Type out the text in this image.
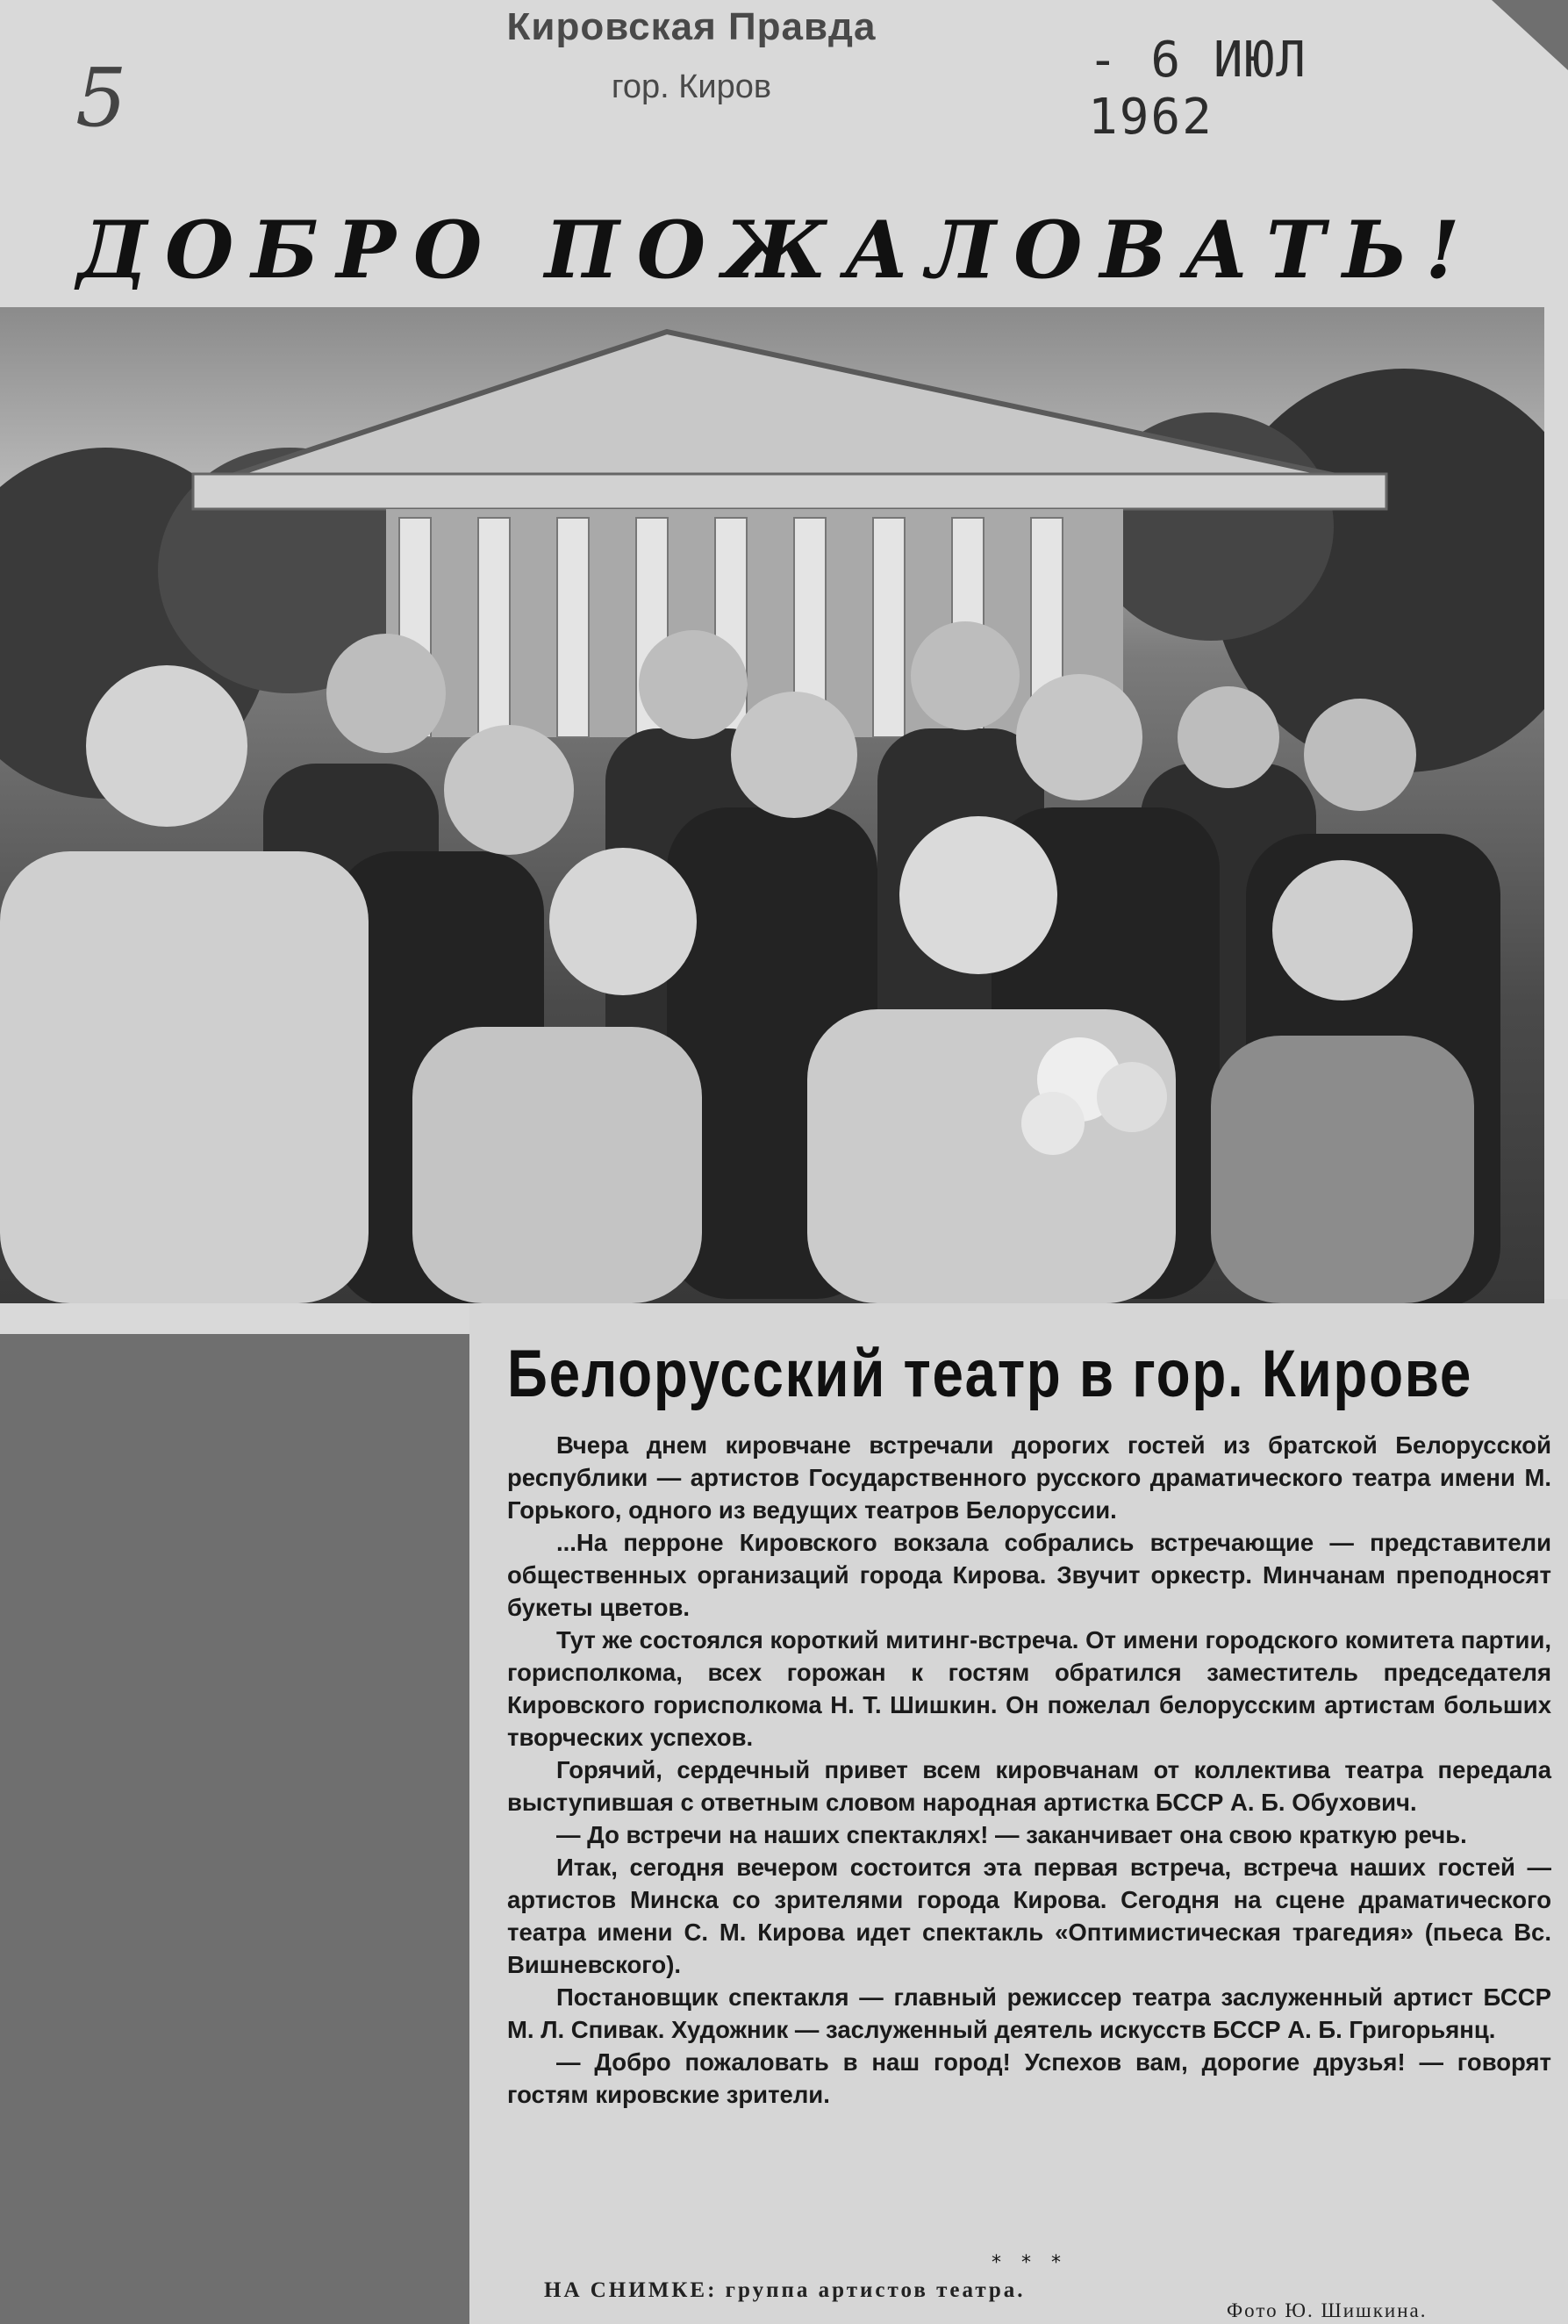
5
Кировская Правда
гор. Киров	- 6 ИЮЛ 1962
ДОБРО ПОЖАЛОВАТЬ!
Белорусский театр в гор. Кирове

Вчера днем кировчане встречали дорогих гостей из братской Белорусской республики — артистов Государственного русского драматического театра имени М. Горького, одного из ведущих театров Белоруссии.

...На перроне Кировского вокзала собрались встречающие — представители общественных организаций города Кирова. Звучит оркестр. Минчанам преподносят букеты цветов.

Тут же состоялся короткий митинг-встреча. От имени городского комитета партии, горисполкома, всех горожан к гостям обратился заместитель председателя Кировского горисполкома Н. Т. Шишкин. Он пожелал белорусским артистам больших творческих успехов.

Горячий, сердечный привет всем кировчанам от коллектива театра передала выступившая с ответным словом народная артистка БССР А. Б. Обухович.

— До встречи на наших спектаклях! — заканчивает она свою краткую речь.

Итак, сегодня вечером состоится эта первая встреча, встреча наших гостей — артистов Минска со зрителями города Кирова. Сегодня на сцене драматического театра имени С. М. Кирова идет спектакль «Оптимистическая трагедия» (пьеса Вс. Вишневского).

Постановщик спектакля — главный режиссер театра заслуженный артист БССР М. Л. Спивак. Художник — заслуженный деятель искусств БССР А. Б. Григорьянц.

— Добро пожаловать в наш город! Успехов вам, дорогие друзья! — говорят гостям кировские зрители.

* * *
НА СНИМКЕ: группа артистов театра.
Фото Ю. Шишкина.
